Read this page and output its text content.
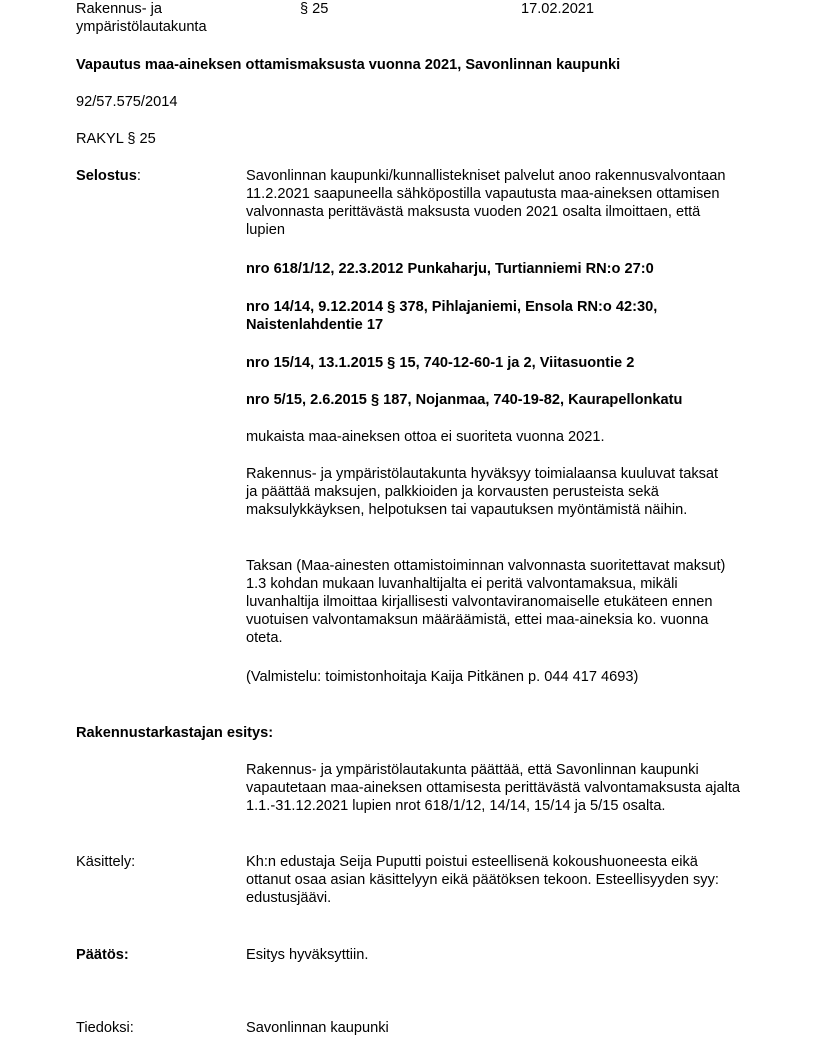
Rakennus- ja
ympäristölautakunta
§ 25	17.02.2021
Vapautus maa-aineksen ottamismaksusta vuonna 2021, Savonlinnan kaupunki
92/57.575/2014
RAKYL § 25
Selostus:	Savonlinnan kaupunki/kunnallistekniset palvelut anoo rakennusvalvontaan 11.2.2021 saapuneella sähköpostilla vapautusta maa-aineksen ottamisen valvonnasta perittävästä maksusta vuoden 2021 osalta ilmoittaen, että lupien

nro 618/1/12, 22.3.2012 Punkaharju, Turtianniemi RN:o 27:0

nro 14/14, 9.12.2014 § 378, Pihlajaniemi, Ensola RN:o 42:30, Naistenlahdentie 17

nro 15/14, 13.1.2015 § 15, 740-12-60-1 ja 2, Viitasuontie 2

nro 5/15, 2.6.2015 § 187, Nojanmaa, 740-19-82, Kaurapellonkatu

mukaista maa-aineksen ottoa ei suoriteta vuonna 2021.

Rakennus- ja ympäristölautakunta hyväksyy toimialaansa kuuluvat taksat ja päättää maksujen, palkkioiden ja korvausten perusteista sekä maksulykkäyksen, helpotuksen tai vapautuksen myöntämistä näihin.

Taksan (Maa-ainesten ottamistoiminnan valvonnasta suoritettavat maksut) 1.3 kohdan mukaan luvanhaltijalta ei peritä valvontamaksua, mikäli luvanhaltija ilmoittaa kirjallisesti valvontaviranomaiselle etukäteen ennen vuotuisen valvontamaksun määräämistä, ettei maa-aineksia ko. vuonna oteta.

(Valmistelu: toimistonhoitaja Kaija Pitkänen p. 044 417 4693)

Rakennustarkastajan esitys:

Rakennus- ja ympäristölautakunta päättää, että Savonlinnan kaupunki vapautetaan maa-aineksen ottamisesta perittävästä valvontamaksusta ajalta 1.1.-31.12.2021 lupien nrot 618/1/12, 14/14, 15/14 ja 5/15 osalta.

Käsittely:	Kh:n edustaja Seija Puputti poistui esteellisenä kokoushuoneesta eikä ottanut osaa asian käsittelyyn eikä päätöksen tekoon. Esteellisyyden syy: edustusjäävi.

Päätös:	Esitys hyväksyttiin.

Tiedoksi:	Savonlinnan kaupunki
